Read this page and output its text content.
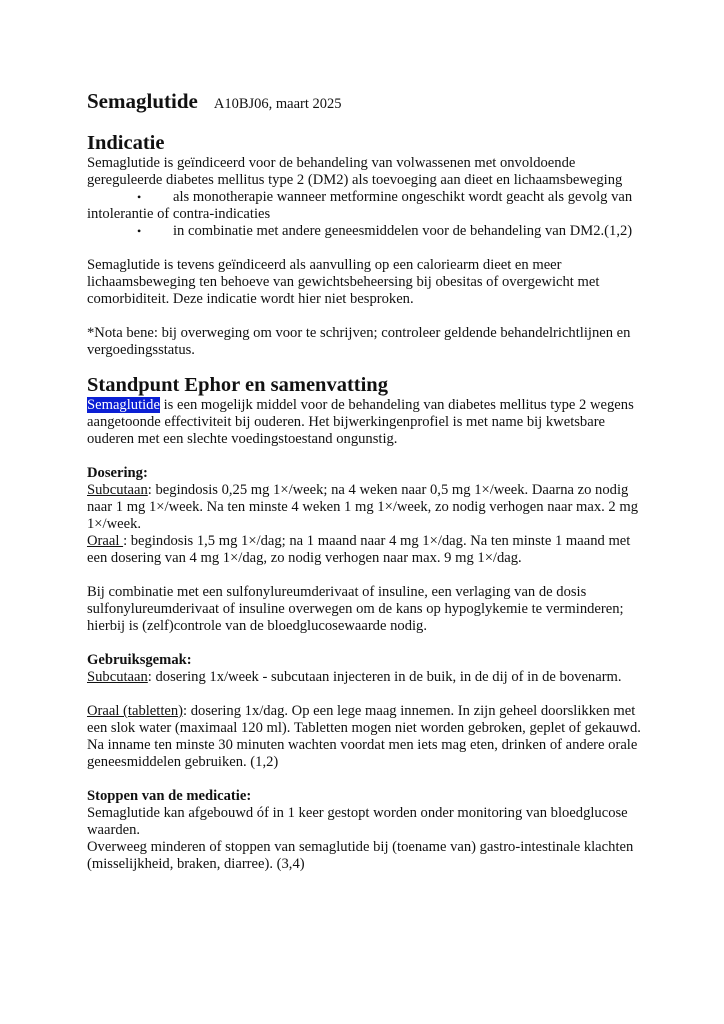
Semaglutide A10BJ06, maart 2025
Indicatie

Semaglutide is geïndiceerd voor de behandeling van volwassenen met onvoldoende gereguleerde diabetes mellitus type 2 (DM2) als toevoeging aan dieet en lichaamsbeweging

• als monotherapie wanneer metformine ongeschikt wordt geacht als gevolg van intolerantie of contra-indicaties
• in combinatie met andere geneesmiddelen voor de behandeling van DM2.(1,2)

Semaglutide is tevens geïndiceerd als aanvulling op een caloriearm dieet en meer lichaamsbeweging ten behoeve van gewichtsbeheersing bij obesitas of overgewicht met comorbiditeit. Deze indicatie wordt hier niet besproken.

*Nota bene: bij overweging om voor te schrijven; controleer geldende behandelrichtlijnen en vergoedingsstatus.

Standpunt Ephor en samenvatting

Semaglutide is een mogelijk middel voor de behandeling van diabetes mellitus type 2 wegens aangetoonde effectiviteit bij ouderen. Het bijwerkingenprofiel is met name bij kwetsbare ouderen met een slechte voedingstoestand ongunstig.

Dosering:

Subcutaan: begindosis 0,25 mg 1×/week; na 4 weken naar 0,5 mg 1×/week. Daarna zo nodig naar 1 mg 1×/week. Na ten minste 4 weken 1 mg 1×/week, zo nodig verhogen naar max. 2 mg 1×/week.

Oraal : begindosis 1,5 mg 1×/dag; na 1 maand naar 4 mg 1×/dag. Na ten minste 1 maand met een dosering van 4 mg 1×/dag, zo nodig verhogen naar max. 9 mg 1×/dag.

Bij combinatie met een sulfonylureumderivaat of insuline, een verlaging van de dosis sulfonylureumderivaat of insuline overwegen om de kans op hypoglykemie te verminderen; hierbij is (zelf)controle van de bloedglucosewaarde nodig.

Gebruiksgemak:

Subcutaan: dosering 1x/week - subcutaan injecteren in de buik, in de dij of in de bovenarm.

Oraal (tabletten): dosering 1x/dag. Op een lege maag innemen. In zijn geheel doorslikken met een slok water (maximaal 120 ml). Tabletten mogen niet worden gebroken, geplet of gekauwd. Na inname ten minste 30 minuten wachten voordat men iets mag eten, drinken of andere orale geneesmiddelen gebruiken. (1,2)

Stoppen van de medicatie:

Semaglutide kan afgebouwd óf in 1 keer gestopt worden onder monitoring van bloedglucose waarden.

Overweeg minderen of stoppen van semaglutide bij (toename van) gastro-intestinale klachten (misselijkheid, braken, diarree). (3,4)
